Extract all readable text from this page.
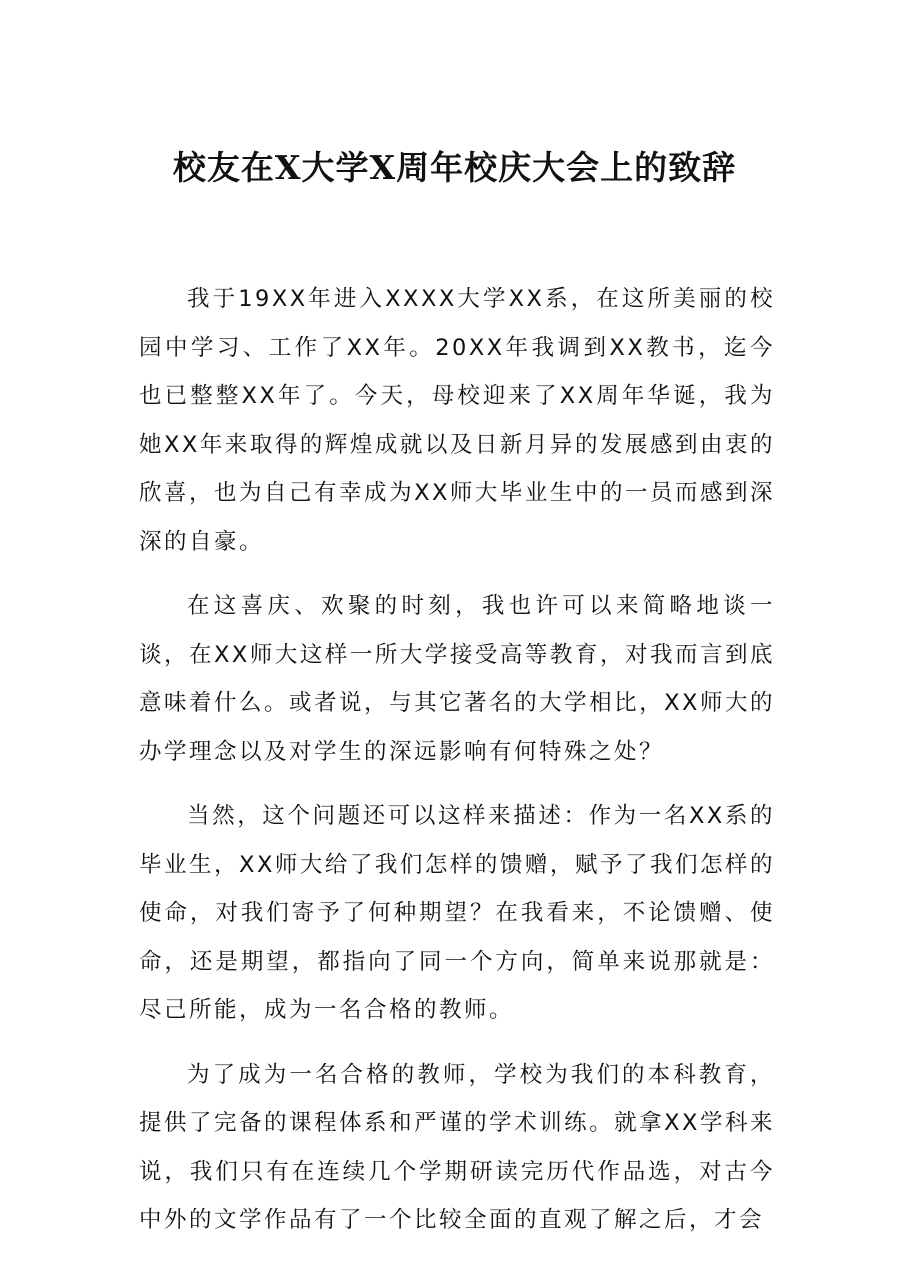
校友在X大学X周年校庆大会上的致辞

我于19XX年进入XXXX大学XX系，在这所美丽的校园中学习、工作了XX年。20XX年我调到XX教书，迄今也已整整XX年了。今天，母校迎来了XX周年华诞，我为她XX年来取得的辉煌成就以及日新月异的发展感到由衷的欣喜，也为自己有幸成为XX师大毕业生中的一员而感到深深的自豪。

在这喜庆、欢聚的时刻，我也许可以来简略地谈一谈，在XX师大这样一所大学接受高等教育，对我而言到底意味着什么。或者说，与其它著名的大学相比，XX师大的办学理念以及对学生的深远影响有何特殊之处？

当然，这个问题还可以这样来描述：作为一名XX系的毕业生，XX师大给了我们怎样的馈赠，赋予了我们怎样的使命，对我们寄予了何种期望？在我看来，不论馈赠、使命，还是期望，都指向了同一个方向，简单来说那就是：尽己所能，成为一名合格的教师。

为了成为一名合格的教师，学校为我们的本科教育，提供了完备的课程体系和严谨的学术训练。就拿XX学科来说，我们只有在连续几个学期研读完历代作品选，对古今中外的文学作品有了一个比较全面的直观了解之后，才会
